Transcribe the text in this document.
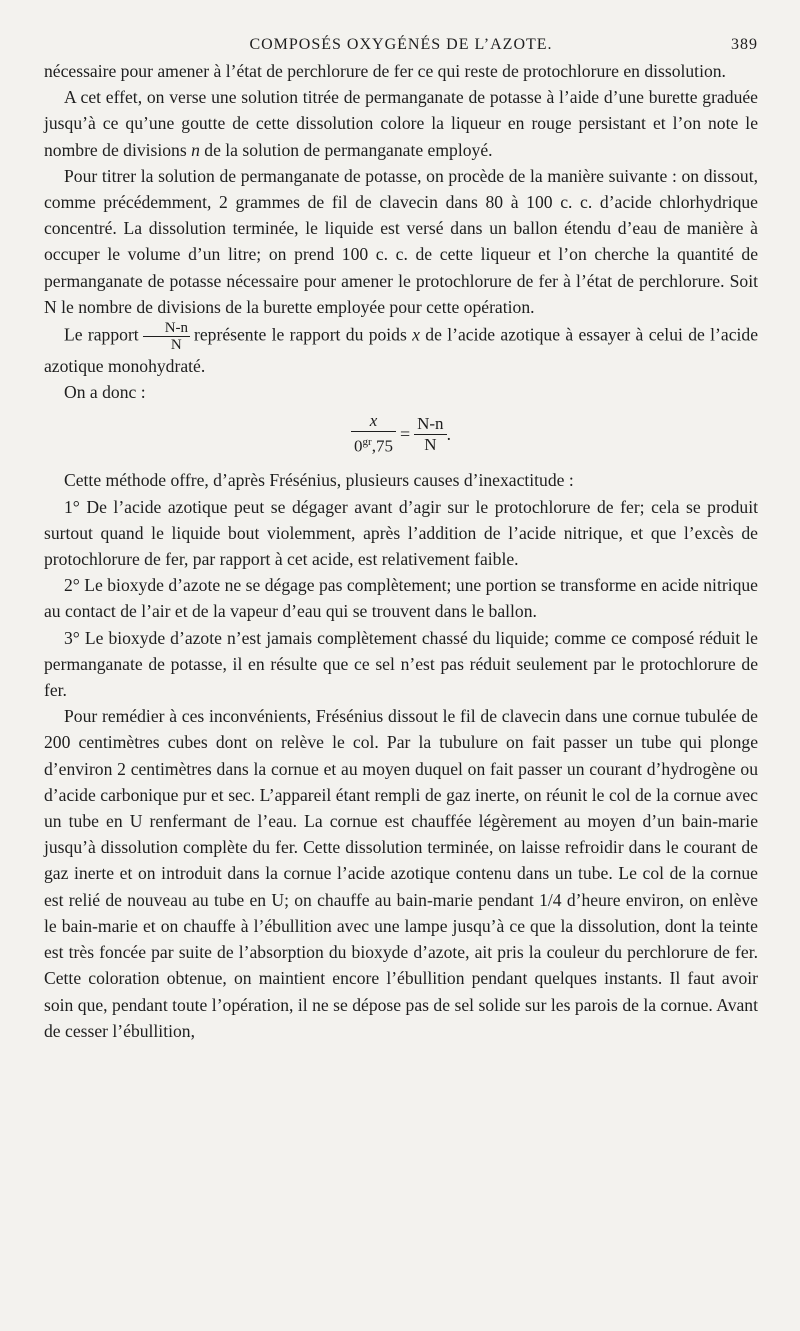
COMPOSÉS OXYGÉNÉS DE L’AZOTE.	389

nécessaire pour amener à l’état de perchlorure de fer ce qui reste de protochlorure en dissolution.

A cet effet, on verse une solution titrée de permanganate de potasse à l’aide d’une burette graduée jusqu’à ce qu’une goutte de cette dissolution colore la liqueur en rouge persistant et l’on note le nombre de divisions n de la solution de permanganate employé.

Pour titrer la solution de permanganate de potasse, on procède de la manière suivante : on dissout, comme précédemment, 2 grammes de fil de clavecin dans 80 à 100 c. c. d’acide chlorhydrique concentré. La dissolution terminée, le liquide est versé dans un ballon étendu d’eau de manière à occuper le volume d’un litre; on prend 100 c. c. de cette liqueur et l’on cherche la quantité de permanganate de potasse nécessaire pour amener le protochlorure de fer à l’état de perchlorure. Soit N le nombre de divisions de la burette employée pour cette opération.

Le rapport $\frac{N-n}{N}$ représente le rapport du poids x de l’acide azotique à essayer à celui de l’acide azotique monohydraté.

On a donc :

$\frac{x}{0^{gr},75} = \frac{N-n}{N}$ .

Cette méthode offre, d’après Frésénius, plusieurs causes d’inexactitude :

1° De l’acide azotique peut se dégager avant d’agir sur le protochlorure de fer; cela se produit surtout quand le liquide bout violemment, après l’addition de l’acide nitrique, et que l’excès de protochlorure de fer, par rapport à cet acide, est relativement faible.

2° Le bioxyde d’azote ne se dégage pas complètement; une portion se transforme en acide nitrique au contact de l’air et de la vapeur d’eau qui se trouvent dans le ballon.

3° Le bioxyde d’azote n’est jamais complètement chassé du liquide; comme ce composé réduit le permanganate de potasse, il en résulte que ce sel n’est pas réduit seulement par le protochlorure de fer.

Pour remédier à ces inconvénients, Frésénius dissout le fil de clavecin dans une cornue tubulée de 200 centimètres cubes dont on relève le col. Par la tubulure on fait passer un tube qui plonge d’environ 2 centimètres dans la cornue et au moyen duquel on fait passer un courant d’hydrogène ou d’acide carbonique pur et sec. L’appareil étant rempli de gaz inerte, on réunit le col de la cornue avec un tube en U renfermant de l’eau. La cornue est chauffée légèrement au moyen d’un bain-marie jusqu’à dissolution complète du fer. Cette dissolution terminée, on laisse refroidir dans le courant de gaz inerte et on introduit dans la cornue l’acide azotique contenu dans un tube. Le col de la cornue est relié de nouveau au tube en U; on chauffe au bain-marie pendant 1/4 d’heure environ, on enlève le bain-marie et on chauffe à l’ébullition avec une lampe jusqu’à ce que la dissolution, dont la teinte est très foncée par suite de l’absorption du bioxyde d’azote, ait pris la couleur du perchlorure de fer. Cette coloration obtenue, on maintient encore l’ébullition pendant quelques instants. Il faut avoir soin que, pendant toute l’opération, il ne se dépose pas de sel solide sur les parois de la cornue. Avant de cesser l’ébullition,
